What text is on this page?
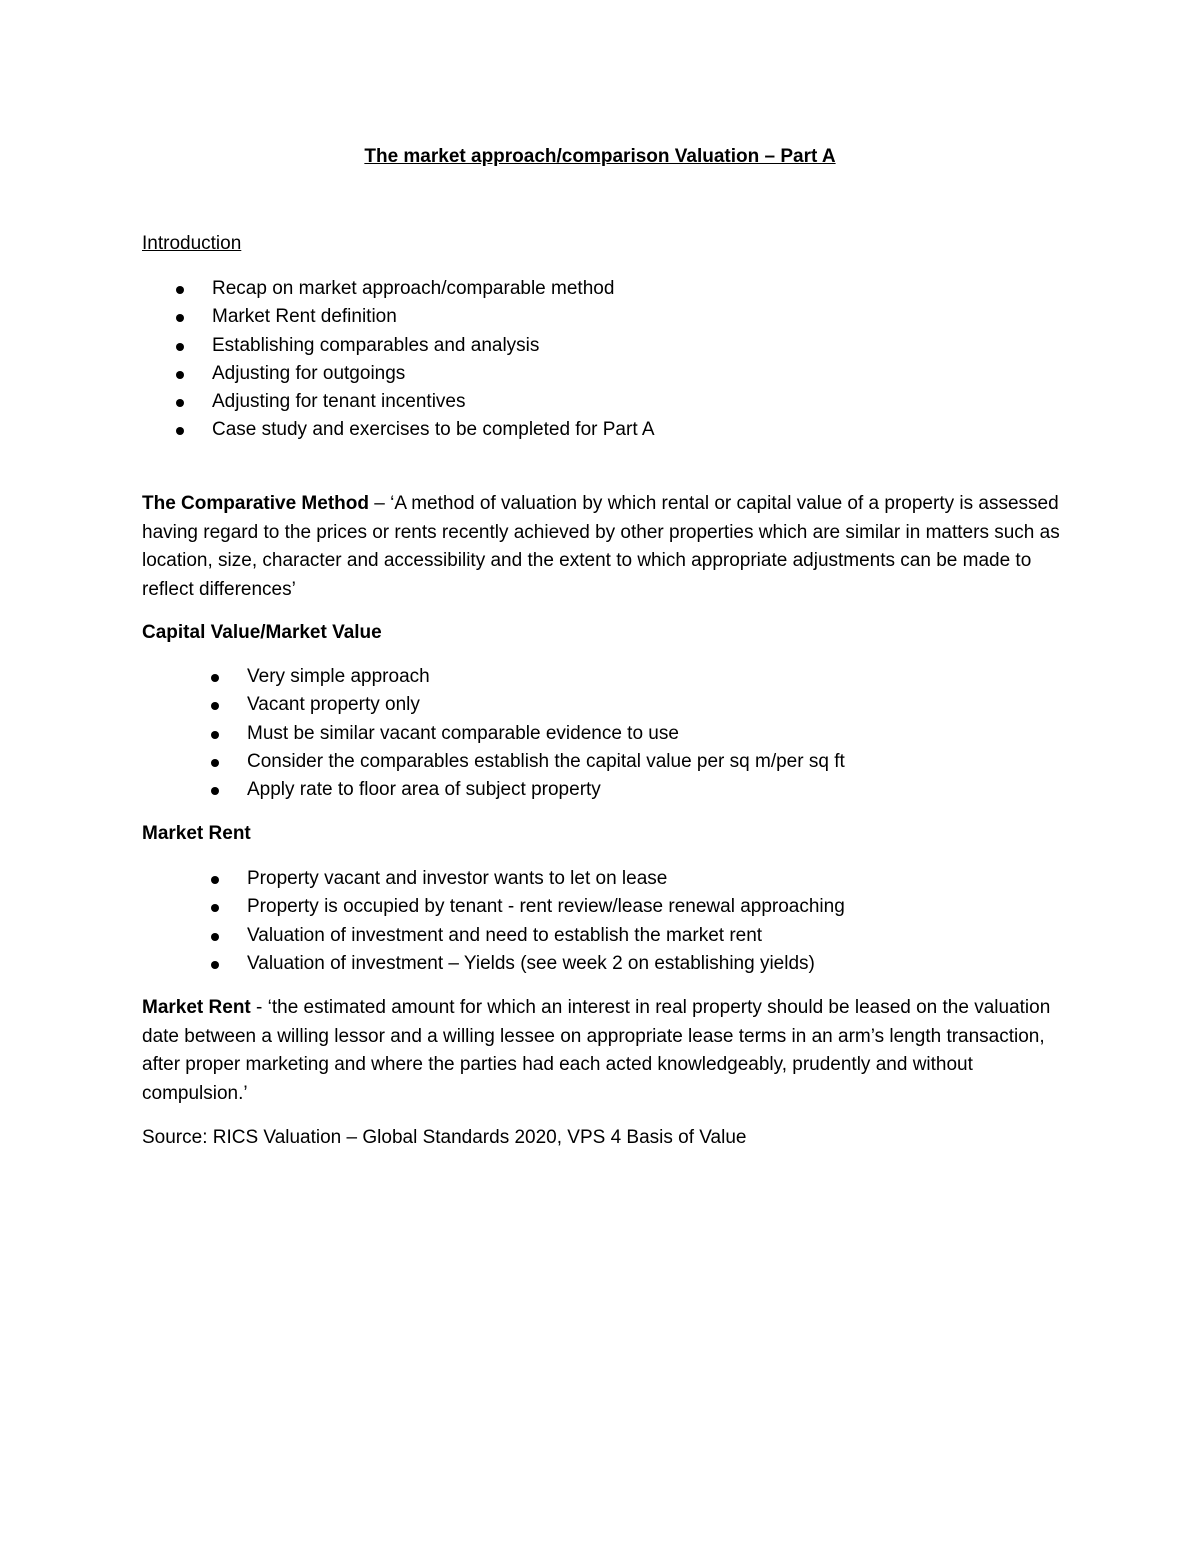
The market approach/comparison Valuation – Part A

Introduction

Recap on market approach/comparable method
Market Rent definition
Establishing comparables and analysis
Adjusting for outgoings
Adjusting for tenant incentives
Case study and exercises to be completed for Part A

The Comparative Method – ‘A method of valuation by which rental or capital value of a property is assessed having regard to the prices or rents recently achieved by other properties which are similar in matters such as location, size, character and accessibility and the extent to which appropriate adjustments can be made to reflect differences’

Capital Value/Market Value

Very simple approach
Vacant property only
Must be similar vacant comparable evidence to use
Consider the comparables establish the capital value per sq m/per sq ft
Apply rate to floor area of subject property

Market Rent

Property vacant and investor wants to let on lease
Property is occupied by tenant - rent review/lease renewal approaching
Valuation of investment and need to establish the market rent
Valuation of investment – Yields (see week 2 on establishing yields)

Market Rent - ‘the estimated amount for which an interest in real property should be leased on the valuation date between a willing lessor and a willing lessee on appropriate lease terms in an arm’s length transaction, after proper marketing and where the parties had each acted knowledgeably, prudently and without compulsion.’

Source: RICS Valuation – Global Standards 2020, VPS 4 Basis of Value
